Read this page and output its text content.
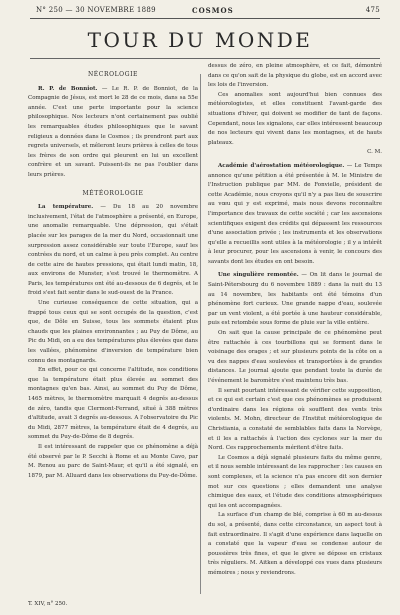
N° 250 — 30 NOVEMBRE 1889	COSMOS	475
TOUR DU MONDE
NÉCROLOGIE

R. P. de Bonniot. — Le R. P. de Bonniot, de la Compagnie de Jésus, est mort le 28 de ce mois, dans sa 55e année. C'est une perte importante pour la science philosophique. Nos lecteurs n'ont certainement pas oublié les remarquables études philosophiques que le savant religieux a données dans le Cosmos ; ils prendront part aux regrets universels, et mêleront leurs prières à celles de tous les frères de son ordre qui pleurent en lui un excellent confrère et un savant. Puissent-ils ne pas l'oublier dans leurs prières.

MÉTÉOROLOGIE

La température. — Du 18 au 20 novembre inclusivement, l'état de l'atmosphère a présenté, en Europe, une anomalie remarquable. Une dépression, qui s'était placée sur les parages de la mer du Nord, occasionnait une surpression assez considérable sur toute l'Europe, sauf les contrées du nord, et un calme à peu près complet. Au centre de cette aire de hautes pressions, qui était lundi matin, 18, aux environs de Munster, s'est trouvé le thermomètre. A Paris, les températures ont été au-dessous de 6 degrés, et le froid s'est fait sentir dans le sud-ouest de la France.

Une curieuse conséquence de cette situation, qui a frappé tous ceux qui se sont occupés de la question, c'est que, de Dôle en Suisse, tous les sommets étaient plus chauds que les plaines environnantes ; au Puy de Dôme, au Pic du Midi, on a eu des températures plus élevées que dans les vallées, phénomène d'inversion de température bien connu des montagnards.

En effet, pour ce qui concerne l'altitude, nos conditions que la température était plus élevée au sommet des montagnes qu'en bas. Ainsi, au sommet du Puy de Dôme, 1465 mètres, le thermomètre marquait 4 degrés au-dessus de zéro, tandis que Clermont-Ferrand, situé à 388 mètres d'altitude, avait 3 degrés au-dessous. A l'observatoire du Pic du Midi, 2877 mètres, la température était de 4 degrés, au sommet du Puy-de-Dôme de 8 degrés.

Il est intéressant de rappeler que ce phénomène a déjà été observé par le P. Secchi à Rome et au Monte Cavo, par M. Renou au parc de Saint-Maur, et qu'il a été signalé, en 1879, par M. Alluard dans les observations du Puy-de-Dôme.

T. XIV, n° 250.

dessus de zéro, en pleine atmosphère, et ce fait, démontré dans ce qu'on sait de la physique du globe, est en accord avec les lois de l'inversion.

Ces anomalies sont aujourd'hui bien connues des météorologistes, et elles constituent l'avant-garde des situations d'hiver, qui doivent se modifier de tant de façons. Cependant, nous les signalons, car elles intéressent beaucoup de nos lecteurs qui vivent dans les montagnes, et de hauts plateaux.

C. M.

Académie d'aérostation météorologique. — Le Temps annonce qu'une pétition a été présentée à M. le Ministre de l'Instruction publique par MM. de Fonvielle, président de cette Académie, nous croyons qu'il n'y a pas lieu de souscrire au vœu qui y est exprimé, mais nous devons reconnaître l'importance des travaux de cette société ; car les ascensions scientifiques exigent des crédits qui dépassent les ressources d'une association privée ; les instruments et les observations qu'elle a recueillis sont utiles à la météorologie ; il y a intérêt à leur procurer, pour les ascensions à venir, le concours des savants dont les études en ont besoin.

Une singulière remontée. — On lit dans le journal de Saint-Pétersbourg du 6 novembre 1889 : dans la nuit du 13 au 14 novembre, les habitants ont été témoins d'un phénomène fort curieux. Une grande nappe d'eau, soulevée par un vent violent, a été portée à une hauteur considérable, puis est retombée sous forme de pluie sur la ville entière.

On sait que la cause principale de ce phénomène peut être rattachée à ces tourbillons qui se forment dans le voisinage des orages ; et sur plusieurs points de la côte on a vu des nappes d'eau soulevées et transportées à de grandes distances. Le journal ajoute que pendant toute la durée de l'événement le baromètre s'est maintenu très bas.

Il serait pourtant intéressant de vérifier cette supposition, et ce qui est certain c'est que ces phénomènes se produisent d'ordinaire dans les régions où soufflent des vents très violents. M. Mohn, directeur de l'Institut météorologique de Christiania, a constaté de semblables faits dans la Norvège, et il les a rattachés à l'action des cyclones sur la mer du Nord. Ces rapprochements méritent d'être faits.

Le Cosmos a déjà signalé plusieurs faits du même genre, et il nous semble intéressant de les rapprocher : les causes en sont complexes, et la science n'a pas encore dit son dernier mot sur ces questions ; elles demandent une analyse chimique des eaux, et l'étude des conditions atmosphériques qui les ont accompagnées.

La surface d'un champ de blé, comprise à 60 m au-dessus du sol, a présenté, dans cette circonstance, un aspect tout à fait extraordinaire. Il s'agit d'une expérience dans laquelle on a constaté que la vapeur d'eau se condense autour de poussières très fines, et que le givre se dépose en cristaux très réguliers. M. Aitken a développé ces vues dans plusieurs mémoires ; nous y reviendrons.
